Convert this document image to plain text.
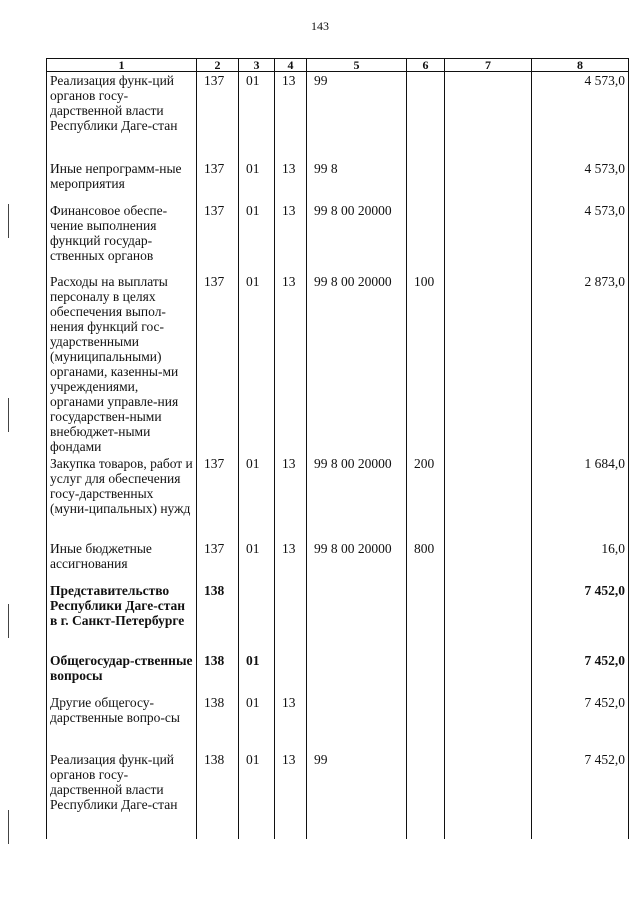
143
1	2	3	4	5	6	7	8
Реализация функ-ций органов госу-дарственной власти Республики Даге-стан	137	01	13	99			4 573,0
Иные непрограмм-ные мероприятия	137	01	13	99 8			4 573,0
Финансовое обеспе-чение выполнения функций государ-ственных органов	137	01	13	99 8 00 20000			4 573,0
Расходы на выплаты персоналу в целях обеспечения выпол-нения функций гос-ударственными (муниципальными) органами, казенны-ми учреждениями, органами управле-ния государствен-ными внебюджет-ными фондами	137	01	13	99 8 00 20000	100		2 873,0
Закупка товаров, работ и услуг для обеспечения госу-дарственных (муни-ципальных) нужд	137	01	13	99 8 00 20000	200		1 684,0
Иные бюджетные ассигнования	137	01	13	99 8 00 20000	800		16,0
Представительство Республики Даге-стан в г. Санкт-Петербурге	138						7 452,0
Общегосудар-ственные вопросы	138	01					7 452,0
Другие общегосу-дарственные вопро-сы	138	01	13				7 452,0
Реализация функ-ций органов госу-дарственной власти Республики Даге-стан	138	01	13	99			7 452,0
